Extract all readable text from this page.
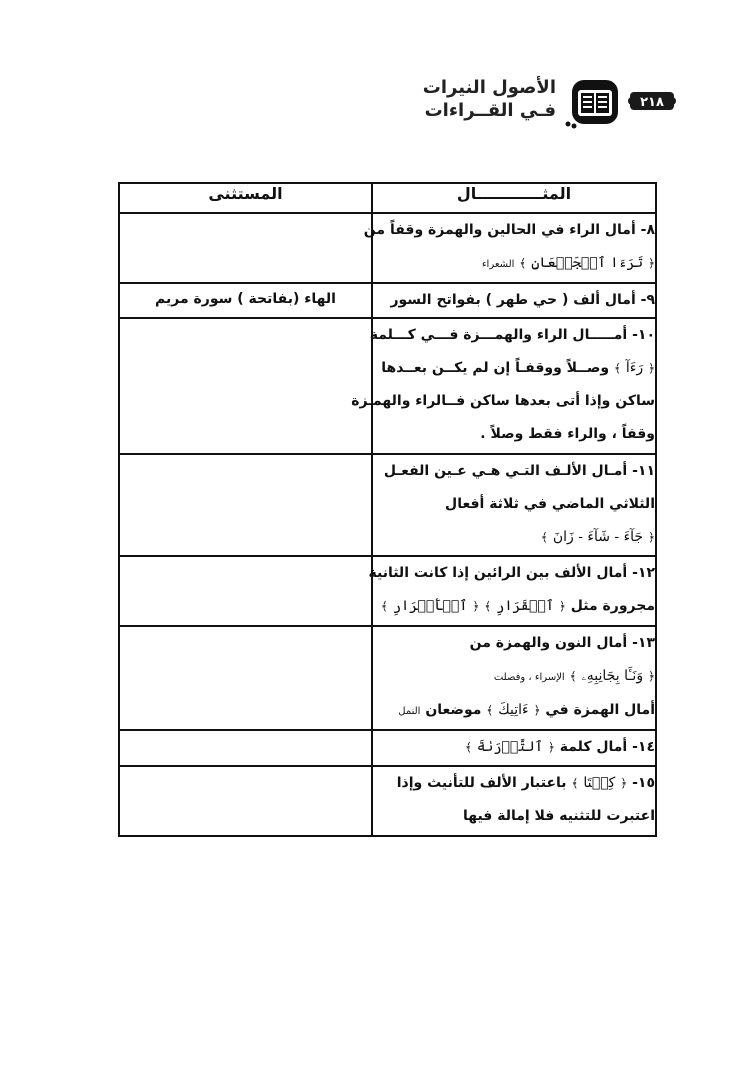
٢١٨
الأصول النيرات
فـي القــراءات
المثــــــــــــال	المستثنى

٨- أمال الراء في الحالين والهمزة وقفاً من
﴿ تَرَءَا ٱلۡجَمۡعَانِ ﴾ الشعراء	

٩- أمال ألف ( حي طهر ) بفواتح السور	الهاء (بفاتحة ) سورة مريم

١٠- أمـــــال الراء والهمـــزة فـــي كـــلمة
﴿ رَءَآ ﴾ وصــلاً ووقفـاً إن لم يكــن بعــدها
ساكن وإذا أتى بعدها ساكن فــالراء والهمـزة
وقفاً ، والراء فقط وصلاً .	

١١- أمـال الألـف التـي هـي عـين الفعـل
الثلاثي الماضي في ثلاثة أفعال
﴿ جَآءَ - شَآءَ - زَانَ ﴾	

١٢- أمال الألف بين الرائين إذا كانت الثانية
مجرورة مثل ﴿ ٱلۡقَرَارِ ﴾ ﴿ ٱلۡأَبۡرَارِ ﴾	

١٣- أمال النون والهمزة من
﴿ وَنَـَٔا بِجَانِبِهِۦ ﴾ الإسراء ، وفصلت
أمال الهمزة في ﴿ ءَاتِيكَ ﴾ موضعان النمل	

١٤- أمال كلمة ﴿ ٱلتَّوۡرَىٰةَ ﴾	

١٥- ﴿ كِلۡتَا ﴾ باعتبار الألف للتأنيث وإذا
اعتبرت للتثنيه فلا إمالة فيها	
